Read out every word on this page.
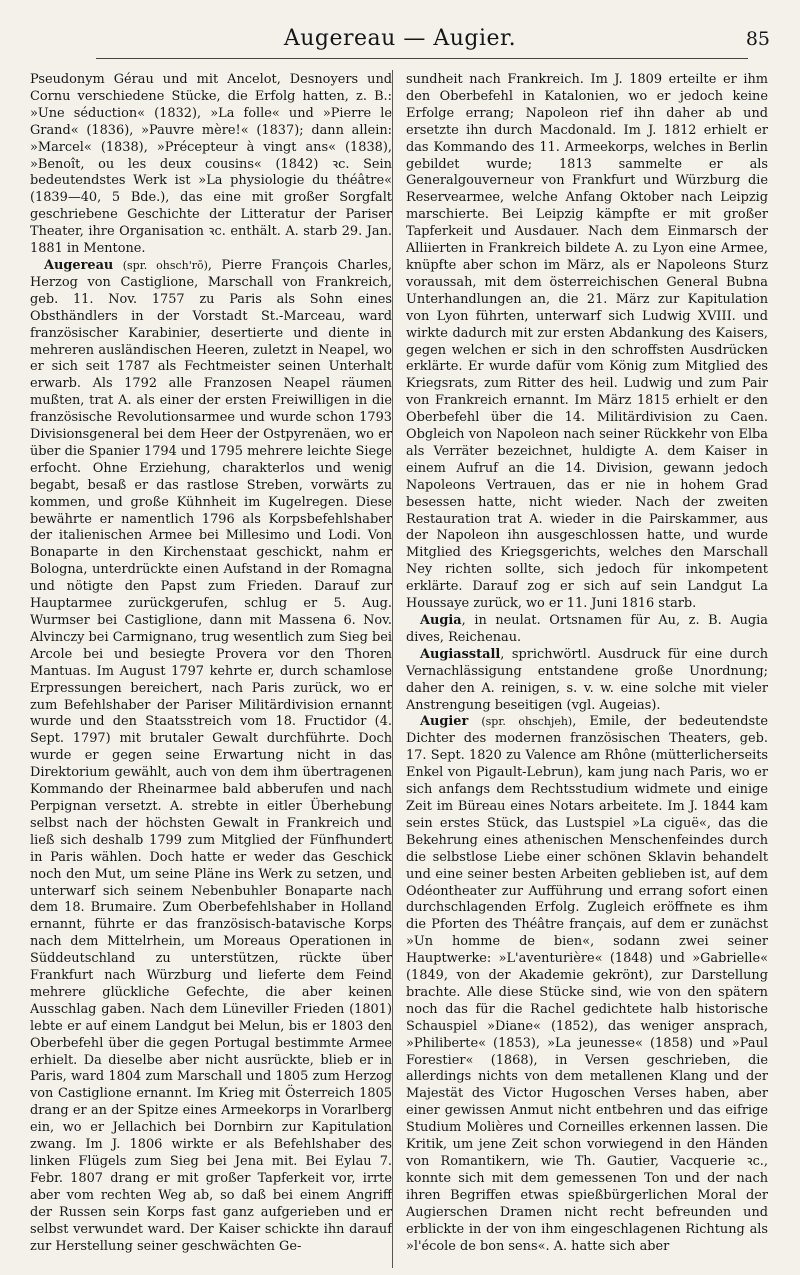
Augereau — Augier.	85

Pseudonym Gérau und mit Ancelot, Desnoyers und Cornu verschiedene Stücke, die Erfolg hatten, z. B.: »Une séduction« (1832), »La folle« und »Pierre le Grand« (1836), »Pauvre mère!« (1837); dann allein: »Marcel« (1838), »Précepteur à vingt ans« (1838), »Benoît, ou les deux cousins« (1842) ꝛc. Sein bedeutendstes Werk ist »La physiologie du théâtre« (1839—40, 5 Bde.), das eine mit großer Sorgfalt geschriebene Geschichte der Litteratur der Pariser Theater, ihre Organisation ꝛc. enthält. A. starb 29. Jan. 1881 in Mentone.

Augereau (spr. ohsch'rō), Pierre François Charles, Herzog von Castiglione, Marschall von Frankreich, geb. 11. Nov. 1757 zu Paris als Sohn eines Obsthändlers in der Vorstadt St.-Marceau, ward französischer Karabinier, desertierte und diente in mehreren ausländischen Heeren, zuletzt in Neapel, wo er sich seit 1787 als Fechtmeister seinen Unterhalt erwarb. Als 1792 alle Franzosen Neapel räumen mußten, trat A. als einer der ersten Freiwilligen in die französische Revolutionsarmee und wurde schon 1793 Divisionsgeneral bei dem Heer der Ostpyrenäen, wo er über die Spanier 1794 und 1795 mehrere leichte Siege erfocht. Ohne Erziehung, charakterlos und wenig begabt, besaß er das rastlose Streben, vorwärts zu kommen, und große Kühnheit im Kugelregen. Diese bewährte er namentlich 1796 als Korpsbefehlshaber der italienischen Armee bei Millesimo und Lodi. Von Bonaparte in den Kirchenstaat geschickt, nahm er Bologna, unterdrückte einen Aufstand in der Romagna und nötigte den Papst zum Frieden. Darauf zur Hauptarmee zurückgerufen, schlug er 5. Aug. Wurmser bei Castiglione, dann mit Massena 6. Nov. Alvinczy bei Carmignano, trug wesentlich zum Sieg bei Arcole bei und besiegte Provera vor den Thoren Mantuas. Im August 1797 kehrte er, durch schamlose Erpressungen bereichert, nach Paris zurück, wo er zum Befehlshaber der Pariser Militärdivision ernannt wurde und den Staatsstreich vom 18. Fructidor (4. Sept. 1797) mit brutaler Gewalt durchführte. Doch wurde er gegen seine Erwartung nicht in das Direktorium gewählt, auch von dem ihm übertragenen Kommando der Rheinarmee bald abberufen und nach Perpignan versetzt. A. strebte in eitler Überhebung selbst nach der höchsten Gewalt in Frankreich und ließ sich deshalb 1799 zum Mitglied der Fünfhundert in Paris wählen. Doch hatte er weder das Geschick noch den Mut, um seine Pläne ins Werk zu setzen, und unterwarf sich seinem Nebenbuhler Bonaparte nach dem 18. Brumaire. Zum Oberbefehlshaber in Holland ernannt, führte er das französisch-batavische Korps nach dem Mittelrhein, um Moreaus Operationen in Süddeutschland zu unterstützen, rückte über Frankfurt nach Würzburg und lieferte dem Feind mehrere glückliche Gefechte, die aber keinen Ausschlag gaben. Nach dem Lüneviller Frieden (1801) lebte er auf einem Landgut bei Melun, bis er 1803 den Oberbefehl über die gegen Portugal bestimmte Armee erhielt. Da dieselbe aber nicht ausrückte, blieb er in Paris, ward 1804 zum Marschall und 1805 zum Herzog von Castiglione ernannt. Im Krieg mit Österreich 1805 drang er an der Spitze eines Armeekorps in Vorarlberg ein, wo er Jellachich bei Dornbirn zur Kapitulation zwang. Im J. 1806 wirkte er als Befehlshaber des linken Flügels zum Sieg bei Jena mit. Bei Eylau 7. Febr. 1807 drang er mit großer Tapferkeit vor, irrte aber vom rechten Weg ab, so daß bei einem Angriff der Russen sein Korps fast ganz aufgerieben und er selbst verwundet ward. Der Kaiser schickte ihn darauf zur Herstellung seiner geschwächten Ge-

sundheit nach Frankreich. Im J. 1809 erteilte er ihm den Oberbefehl in Katalonien, wo er jedoch keine Erfolge errang; Napoleon rief ihn daher ab und ersetzte ihn durch Macdonald. Im J. 1812 erhielt er das Kommando des 11. Armeekorps, welches in Berlin gebildet wurde; 1813 sammelte er als Generalgouverneur von Frankfurt und Würzburg die Reservearmee, welche Anfang Oktober nach Leipzig marschierte. Bei Leipzig kämpfte er mit großer Tapferkeit und Ausdauer. Nach dem Einmarsch der Alliierten in Frankreich bildete A. zu Lyon eine Armee, knüpfte aber schon im März, als er Napoleons Sturz voraussah, mit dem österreichischen General Bubna Unterhandlungen an, die 21. März zur Kapitulation von Lyon führten, unterwarf sich Ludwig XVIII. und wirkte dadurch mit zur ersten Abdankung des Kaisers, gegen welchen er sich in den schroffsten Ausdrücken erklärte. Er wurde dafür vom König zum Mitglied des Kriegsrats, zum Ritter des heil. Ludwig und zum Pair von Frankreich ernannt. Im März 1815 erhielt er den Oberbefehl über die 14. Militärdivision zu Caen. Obgleich von Napoleon nach seiner Rückkehr von Elba als Verräter bezeichnet, huldigte A. dem Kaiser in einem Aufruf an die 14. Division, gewann jedoch Napoleons Vertrauen, das er nie in hohem Grad besessen hatte, nicht wieder. Nach der zweiten Restauration trat A. wieder in die Pairskammer, aus der Napoleon ihn ausgeschlossen hatte, und wurde Mitglied des Kriegsgerichts, welches den Marschall Ney richten sollte, sich jedoch für inkompetent erklärte. Darauf zog er sich auf sein Landgut La Houssaye zurück, wo er 11. Juni 1816 starb.

Augia, in neulat. Ortsnamen für Au, z. B. Augia dives, Reichenau.

Augiasstall, sprichwörtl. Ausdruck für eine durch Vernachlässigung entstandene große Unordnung; daher den A. reinigen, s. v. w. eine solche mit vieler Anstrengung beseitigen (vgl. Augeias).

Augier (spr. ohschjeh), Emile, der bedeutendste Dichter des modernen französischen Theaters, geb. 17. Sept. 1820 zu Valence am Rhône (mütterlicherseits Enkel von Pigault-Lebrun), kam jung nach Paris, wo er sich anfangs dem Rechtsstudium widmete und einige Zeit im Büreau eines Notars arbeitete. Im J. 1844 kam sein erstes Stück, das Lustspiel »La ciguë«, das die Bekehrung eines athenischen Menschenfeindes durch die selbstlose Liebe einer schönen Sklavin behandelt und eine seiner besten Arbeiten geblieben ist, auf dem Odéontheater zur Aufführung und errang sofort einen durchschlagenden Erfolg. Zugleich eröffnete es ihm die Pforten des Théâtre français, auf dem er zunächst »Un homme de bien«, sodann zwei seiner Hauptwerke: »L'aventurière« (1848) und »Gabrielle« (1849, von der Akademie gekrönt), zur Darstellung brachte. Alle diese Stücke sind, wie von den spätern noch das für die Rachel gedichtete halb historische Schauspiel »Diane« (1852), das weniger ansprach, »Philiberte« (1853), »La jeunesse« (1858) und »Paul Forestier« (1868), in Versen geschrieben, die allerdings nichts von dem metallenen Klang und der Majestät des Victor Hugoschen Verses haben, aber einer gewissen Anmut nicht entbehren und das eifrige Studium Molières und Corneilles erkennen lassen. Die Kritik, um jene Zeit schon vorwiegend in den Händen von Romantikern, wie Th. Gautier, Vacquerie ꝛc., konnte sich mit dem gemessenen Ton und der nach ihren Begriffen etwas spießbürgerlichen Moral der Augierschen Dramen nicht recht befreunden und erblickte in der von ihm eingeschlagenen Richtung als »l'école de bon sens«. A. hatte sich aber
